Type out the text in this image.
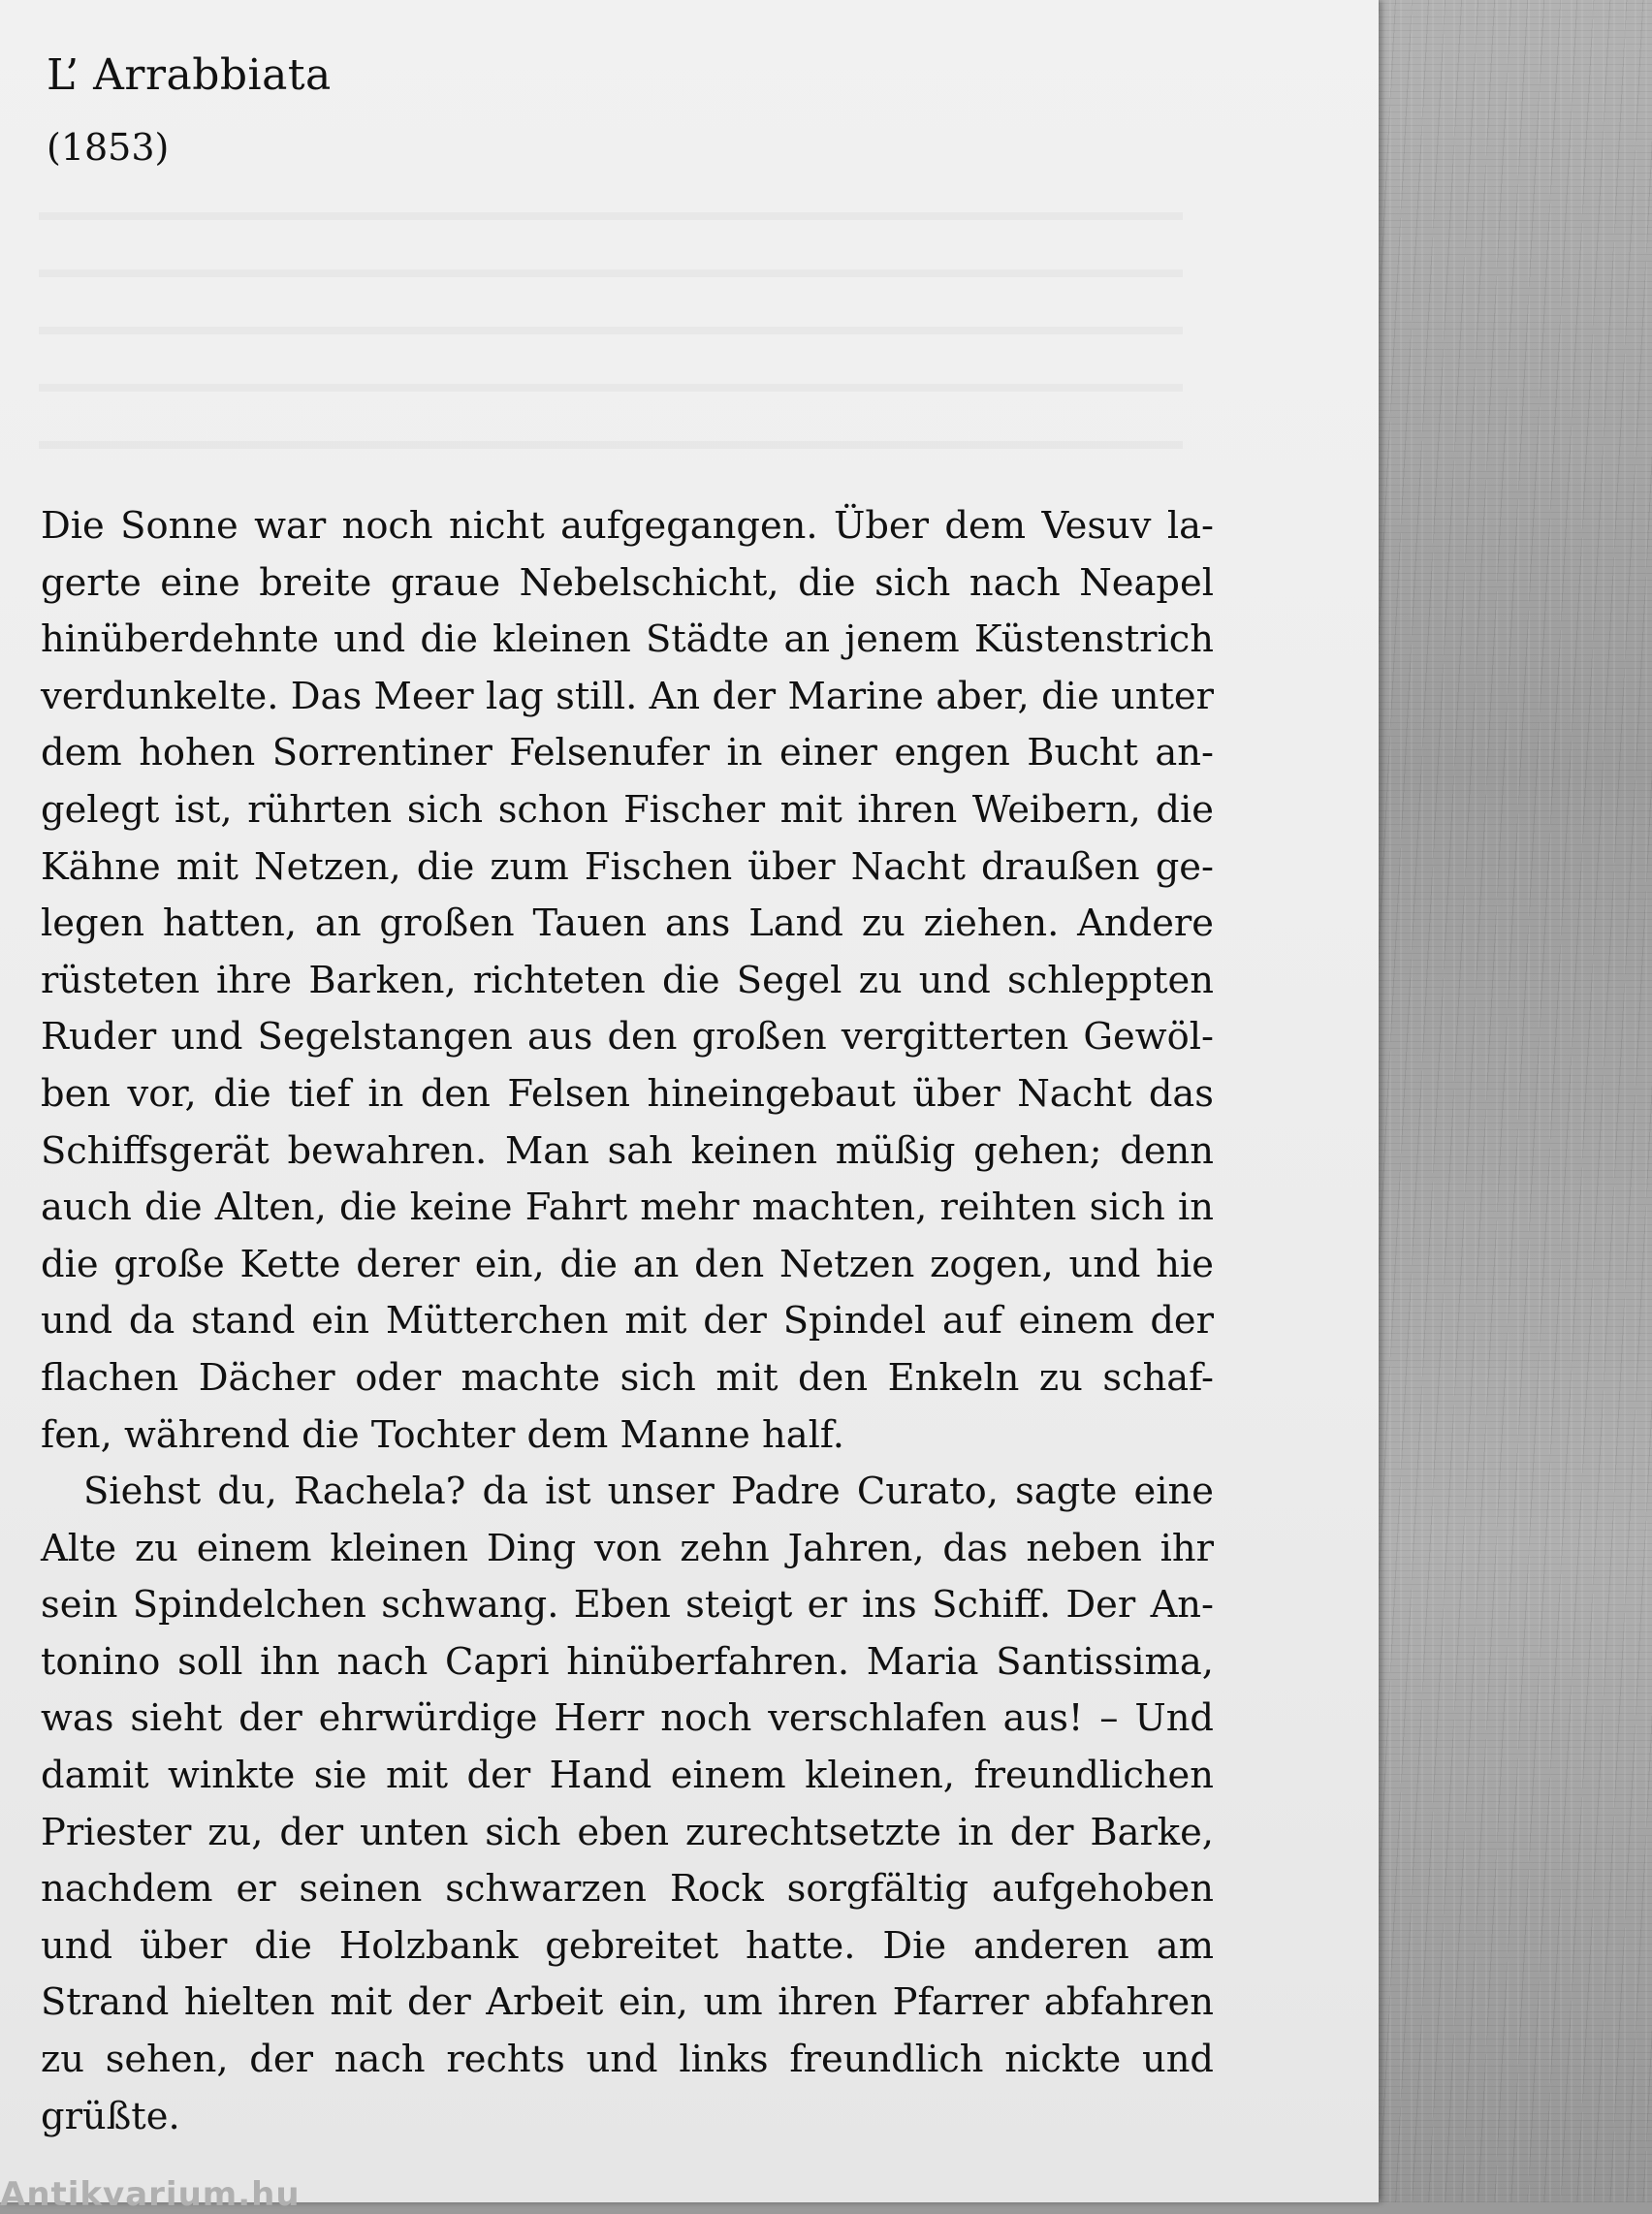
L’ Arrabbiata

(1853)

Die Sonne war noch nicht aufgegangen. Über dem Vesuv la-
gerte eine breite graue Nebelschicht, die sich nach Neapel
hinüberdehnte und die kleinen Städte an jenem Küstenstrich
verdunkelte. Das Meer lag still. An der Marine aber, die unter
dem hohen Sorrentiner Felsenufer in einer engen Bucht an-
gelegt ist, rührten sich schon Fischer mit ihren Weibern, die
Kähne mit Netzen, die zum Fischen über Nacht draußen ge-
legen hatten, an großen Tauen ans Land zu ziehen. Andere
rüsteten ihre Barken, richteten die Segel zu und schleppten
Ruder und Segelstangen aus den großen vergitterten Gewöl-
ben vor, die tief in den Felsen hineingebaut über Nacht das
Schiffsgerät bewahren. Man sah keinen müßig gehen; denn
auch die Alten, die keine Fahrt mehr machten, reihten sich in
die große Kette derer ein, die an den Netzen zogen, und hie
und da stand ein Mütterchen mit der Spindel auf einem der
flachen Dächer oder machte sich mit den Enkeln zu schaf-
fen, während die Tochter dem Manne half.
Siehst du, Rachela? da ist unser Padre Curato, sagte eine
Alte zu einem kleinen Ding von zehn Jahren, das neben ihr
sein Spindelchen schwang. Eben steigt er ins Schiff. Der An-
tonino soll ihn nach Capri hinüberfahren. Maria Santissima,
was sieht der ehrwürdige Herr noch verschlafen aus! – Und
damit winkte sie mit der Hand einem kleinen, freundlichen
Priester zu, der unten sich eben zurechtsetzte in der Barke,
nachdem er seinen schwarzen Rock sorgfältig aufgehoben
und über die Holzbank gebreitet hatte. Die anderen am
Strand hielten mit der Arbeit ein, um ihren Pfarrer abfahren
zu sehen, der nach rechts und links freundlich nickte und
grüßte.

Antikvarium.hu
